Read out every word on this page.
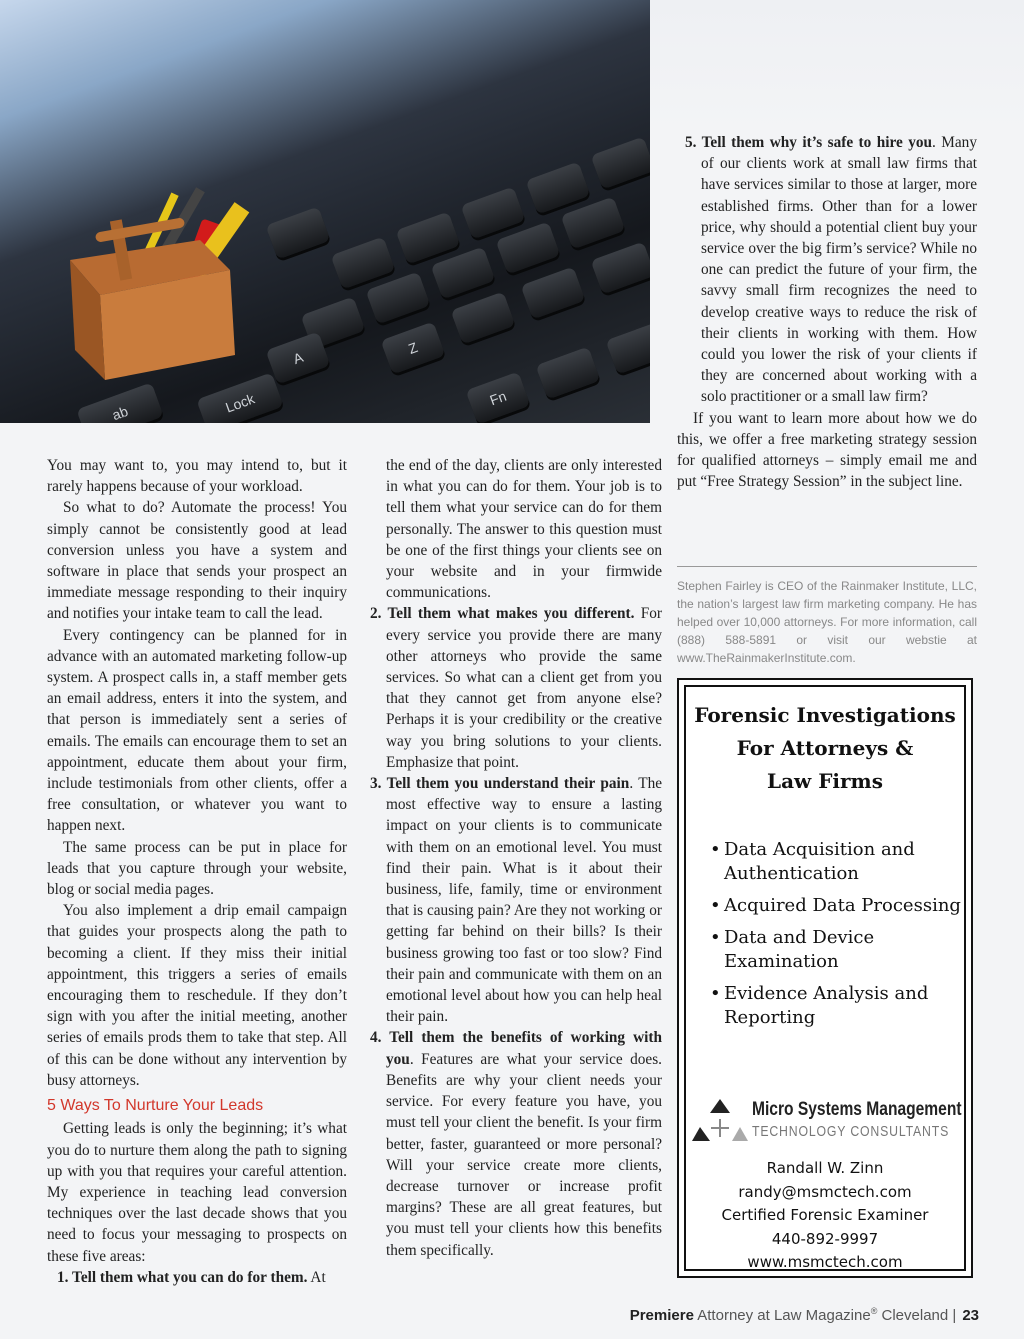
A
Z
Fn
Lock
ab

You may want to, you may intend to, but it rarely happens because of your workload.

So what to do? Automate the process! You simply cannot be consistently good at lead conversion unless you have a system and software in place that sends your prospect an immediate message responding to their inquiry and notifies your intake team to call the lead.

Every contingency can be planned for in advance with an automated marketing follow-up system. A prospect calls in, a staff member gets an email address, enters it into the system, and that person is immediately sent a series of emails. The emails can encourage them to set an appointment, educate them about your firm, include testimonials from other clients, offer a free consultation, or whatever you want to happen next.

The same process can be put in place for leads that you capture through your website, blog or social media pages.

You also implement a drip email campaign that guides your prospects along the path to becoming a client. If they miss their initial appointment, this triggers a series of emails encouraging them to reschedule. If they don’t sign with you after the initial meeting, another series of emails prods them to take that step. All of this can be done without any intervention by busy attorneys.

5 Ways To Nurture Your Leads

Getting leads is only the beginning; it’s what you do to nurture them along the path to signing up with you that requires your careful attention. My experience in teaching lead conversion techniques over the last decade shows that you need to focus your messaging to prospects on these five areas:

1. Tell them what you can do for them. At

the end of the day, clients are only interested in what you can do for them. Your job is to tell them what your service can do for them personally. The answer to this question must be one of the first things your clients see on your website and in your firmwide communications.

2. Tell them what makes you different. For every service you provide there are many other attorneys who provide the same services. So what can a client get from you that they cannot get from anyone else? Perhaps it is your credibility or the creative way you bring solutions to your clients. Emphasize that point.

3. Tell them you understand their pain. The most effective way to ensure a lasting impact on your clients is to communicate with them on an emotional level. You must find their pain. What is it about their business, life, family, time or environment that is causing pain? Are they not working or getting far behind on their bills? Is their business growing too fast or too slow? Find their pain and communicate with them on an emotional level about how you can help heal their pain.

4. Tell them the benefits of working with you. Features are what your service does. Benefits are why your client needs your service. For every feature you have, you must tell your client the benefit. Is your firm better, faster, guaranteed or more personal? Will your service create more clients, decrease turnover or increase profit margins? These are all great features, but you must tell your clients how this benefits them specifically.

5. Tell them why it’s safe to hire you. Many of our clients work at small law firms that have services similar to those at larger, more established firms. Other than for a lower price, why should a potential client buy your service over the big firm’s service? While no one can predict the future of your firm, the savvy small firm recognizes the need to develop creative ways to reduce the risk of their clients in working with them. How could you lower the risk of your clients if they are concerned about working with a solo practitioner or a small law firm?

If you want to learn more about how we do this, we offer a free marketing strategy session for qualified attorneys – simply email me and put “Free Strategy Session” in the subject line.

Stephen Fairley is CEO of the Rainmaker Institute, LLC, the nation’s largest law firm marketing company. He has helped over 10,000 attorneys. For more information, call (888) 588-5891 or visit our webstie at www.TheRainmakerInstitute.com.
Forensic Investigations
For Attorneys &
Law Firms
• Data Acquisition and Authentication
• Acquired Data Processing
• Data and Device Examination
• Evidence Analysis and Reporting
Micro Systems Management
TECHNOLOGY CONSULTANTS
Randall W. Zinn
randy@msmctech.com
Certified Forensic Examiner
440-892-9997
www.msmctech.com
Premiere Attorney at Law Magazine® Cleveland | 23
